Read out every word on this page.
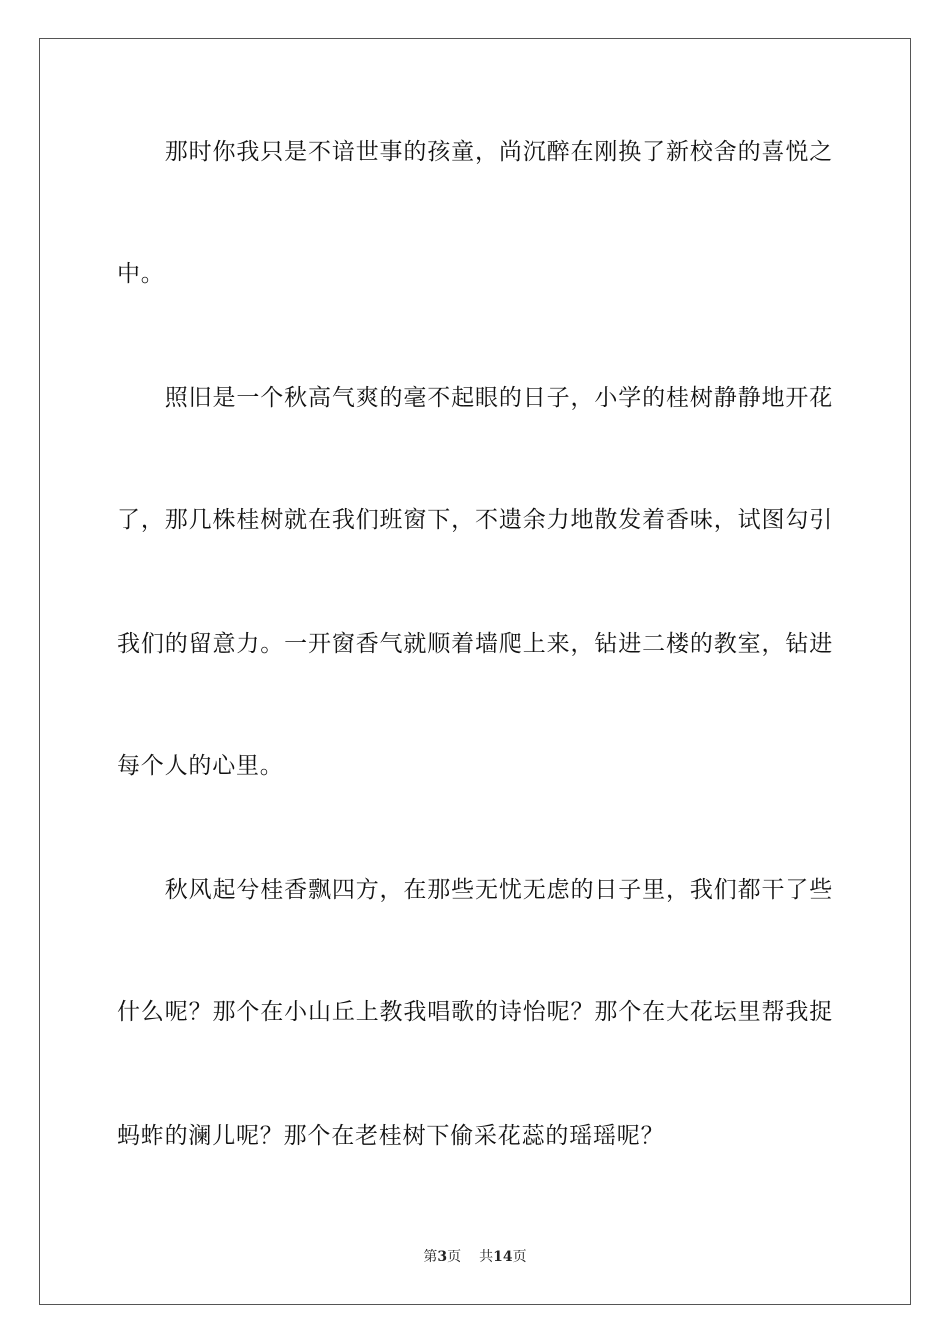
　　那时你我只是不谙世事的孩童，尚沉醉在刚换了新校舍的喜悦之
中。
　　照旧是一个秋高气爽的毫不起眼的日子，小学的桂树静静地开花
了，那几株桂树就在我们班窗下，不遗余力地散发着香味，试图勾引
我们的留意力。一开窗香气就顺着墙爬上来，钻进二楼的教室，钻进
每个人的心里。
　　秋风起兮桂香飘四方，在那些无忧无虑的日子里，我们都干了些
什么呢？那个在小山丘上教我唱歌的诗怡呢？那个在大花坛里帮我捉
蚂蚱的澜儿呢？那个在老桂树下偷采花蕊的瑶瑶呢？
第3页 共14页
